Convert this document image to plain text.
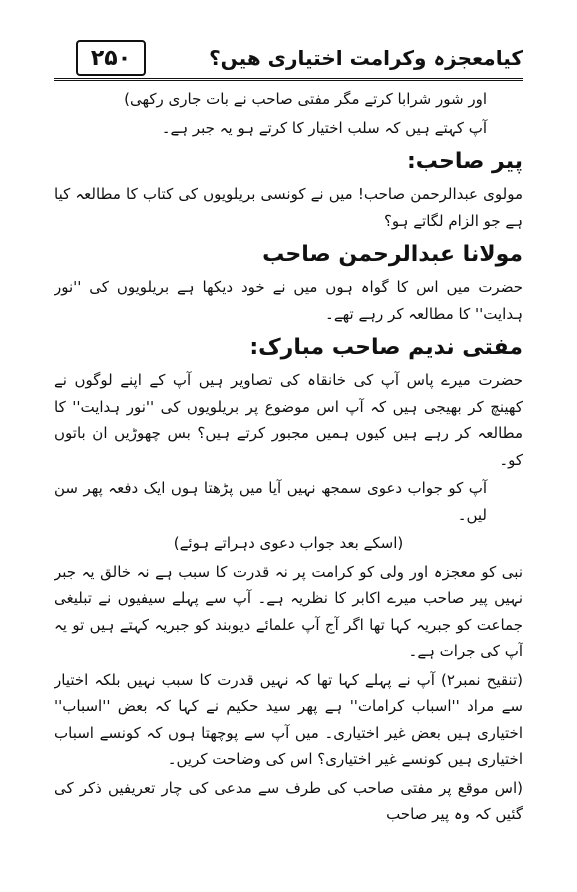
۲۵۰	کیامعجزہ وکرامت اختیاری ھیں؟

اور شور شرابا کرتے مگر مفتی صاحب نے بات جاری رکھی)

آپ کہتے ہیں کہ سلب اختیار کا کرتے ہو یہ جبر ہے۔

پیر صاحب:

مولوی عبدالرحمن صاحب! میں نے کونسی بریلویوں کی کتاب کا مطالعہ کیا ہے جو الزام لگاتے ہو؟

مولانا عبدالرحمن صاحب

حضرت میں اس کا گواہ ہوں میں نے خود دیکھا ہے بریلویوں کی ''نور ہدایت'' کا مطالعہ کر رہے تھے۔

مفتی ندیم صاحب مبارک:

حضرت میرے پاس آپ کی خانقاہ کی تصاویر ہیں آپ کے اپنے لوگوں نے کھینچ کر بھیجی ہیں کہ آپ اس موضوع پر بریلویوں کی ''نور ہدایت'' کا مطالعہ کر رہے ہیں کیوں ہمیں مجبور کرتے ہیں؟ بس چھوڑیں ان باتوں کو۔

آپ کو جواب دعوی سمجھ نہیں آیا میں پڑھتا ہوں ایک دفعہ پھر سن لیں۔

(اسکے بعد جواب دعوی دہراتے ہوئے)

نبی کو معجزہ اور ولی کو کرامت پر نہ قدرت کا سبب ہے نہ خالق یہ جبر نہیں پیر صاحب میرے اکابر کا نظریہ ہے۔ آپ سے پہلے سیفیوں نے تبلیغی جماعت کو جبریہ کہا تھا اگر آج آپ علمائے دیوبند کو جبریہ کہتے ہیں تو یہ آپ کی جرات ہے۔

(تنقیح نمبر۲) آپ نے پہلے کہا تھا کہ نہیں قدرت کا سبب نہیں بلکہ اختیار سے مراد ''اسباب کرامات'' ہے پھر سید حکیم نے کہا کہ بعض ''اسباب'' اختیاری ہیں بعض غیر اختیاری۔ میں آپ سے پوچھتا ہوں کہ کونسے اسباب اختیاری ہیں کونسے غیر اختیاری؟ اس کی وضاحت کریں۔

(اس موقع پر مفتی صاحب کی طرف سے مدعی کی چار تعریفیں ذکر کی گئیں کہ وہ پیر صاحب
